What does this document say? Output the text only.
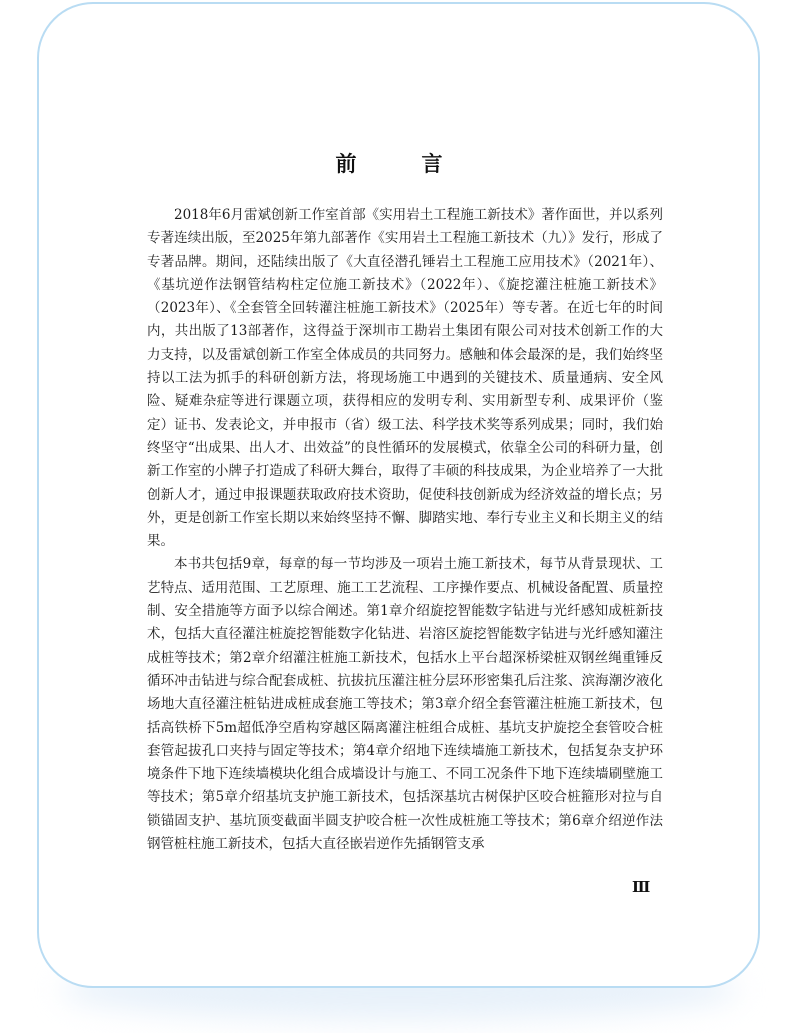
前　言

2018年6月雷斌创新工作室首部《实用岩土工程施工新技术》著作面世，并以系列专著连续出版，至2025年第九部著作《实用岩土工程施工新技术（九）》发行，形成了专著品牌。期间，还陆续出版了《大直径潜孔锤岩土工程施工应用技术》（2021年）、《基坑逆作法钢管结构柱定位施工新技术》（2022年）、《旋挖灌注桩施工新技术》（2023年）、《全套管全回转灌注桩施工新技术》（2025年）等专著。在近七年的时间内，共出版了13部著作，这得益于深圳市工勘岩土集团有限公司对技术创新工作的大力支持，以及雷斌创新工作室全体成员的共同努力。感触和体会最深的是，我们始终坚持以工法为抓手的科研创新方法，将现场施工中遇到的关键技术、质量通病、安全风险、疑难杂症等进行课题立项，获得相应的发明专利、实用新型专利、成果评价（鉴定）证书、发表论文，并申报市（省）级工法、科学技术奖等系列成果；同时，我们始终坚守“出成果、出人才、出效益”的良性循环的发展模式，依靠全公司的科研力量，创新工作室的小牌子打造成了科研大舞台，取得了丰硕的科技成果，为企业培养了一大批创新人才，通过申报课题获取政府技术资助，促使科技创新成为经济效益的增长点；另外，更是创新工作室长期以来始终坚持不懈、脚踏实地、奉行专业主义和长期主义的结果。

本书共包括9章，每章的每一节均涉及一项岩土施工新技术，每节从背景现状、工艺特点、适用范围、工艺原理、施工工艺流程、工序操作要点、机械设备配置、质量控制、安全措施等方面予以综合阐述。第1章介绍旋挖智能数字钻进与光纤感知成桩新技术，包括大直径灌注桩旋挖智能数字化钻进、岩溶区旋挖智能数字钻进与光纤感知灌注成桩等技术；第2章介绍灌注桩施工新技术，包括水上平台超深桥梁桩双钢丝绳重锤反循环冲击钻进与综合配套成桩、抗拔抗压灌注桩分层环形密集孔后注浆、滨海潮汐液化场地大直径灌注桩钻进成桩成套施工等技术；第3章介绍全套管灌注桩施工新技术，包括高铁桥下5m超低净空盾构穿越区隔离灌注桩组合成桩、基坑支护旋挖全套管咬合桩套管起拔孔口夹持与固定等技术；第4章介绍地下连续墙施工新技术，包括复杂支护环境条件下地下连续墙模块化组合成墙设计与施工、不同工况条件下地下连续墙刷壁施工等技术；第5章介绍基坑支护施工新技术，包括深基坑古树保护区咬合桩箍形对拉与自锁锚固支护、基坑顶变截面半圆支护咬合桩一次性成桩施工等技术；第6章介绍逆作法钢管桩柱施工新技术，包括大直径嵌岩逆作先插钢管支承

Ⅲ
